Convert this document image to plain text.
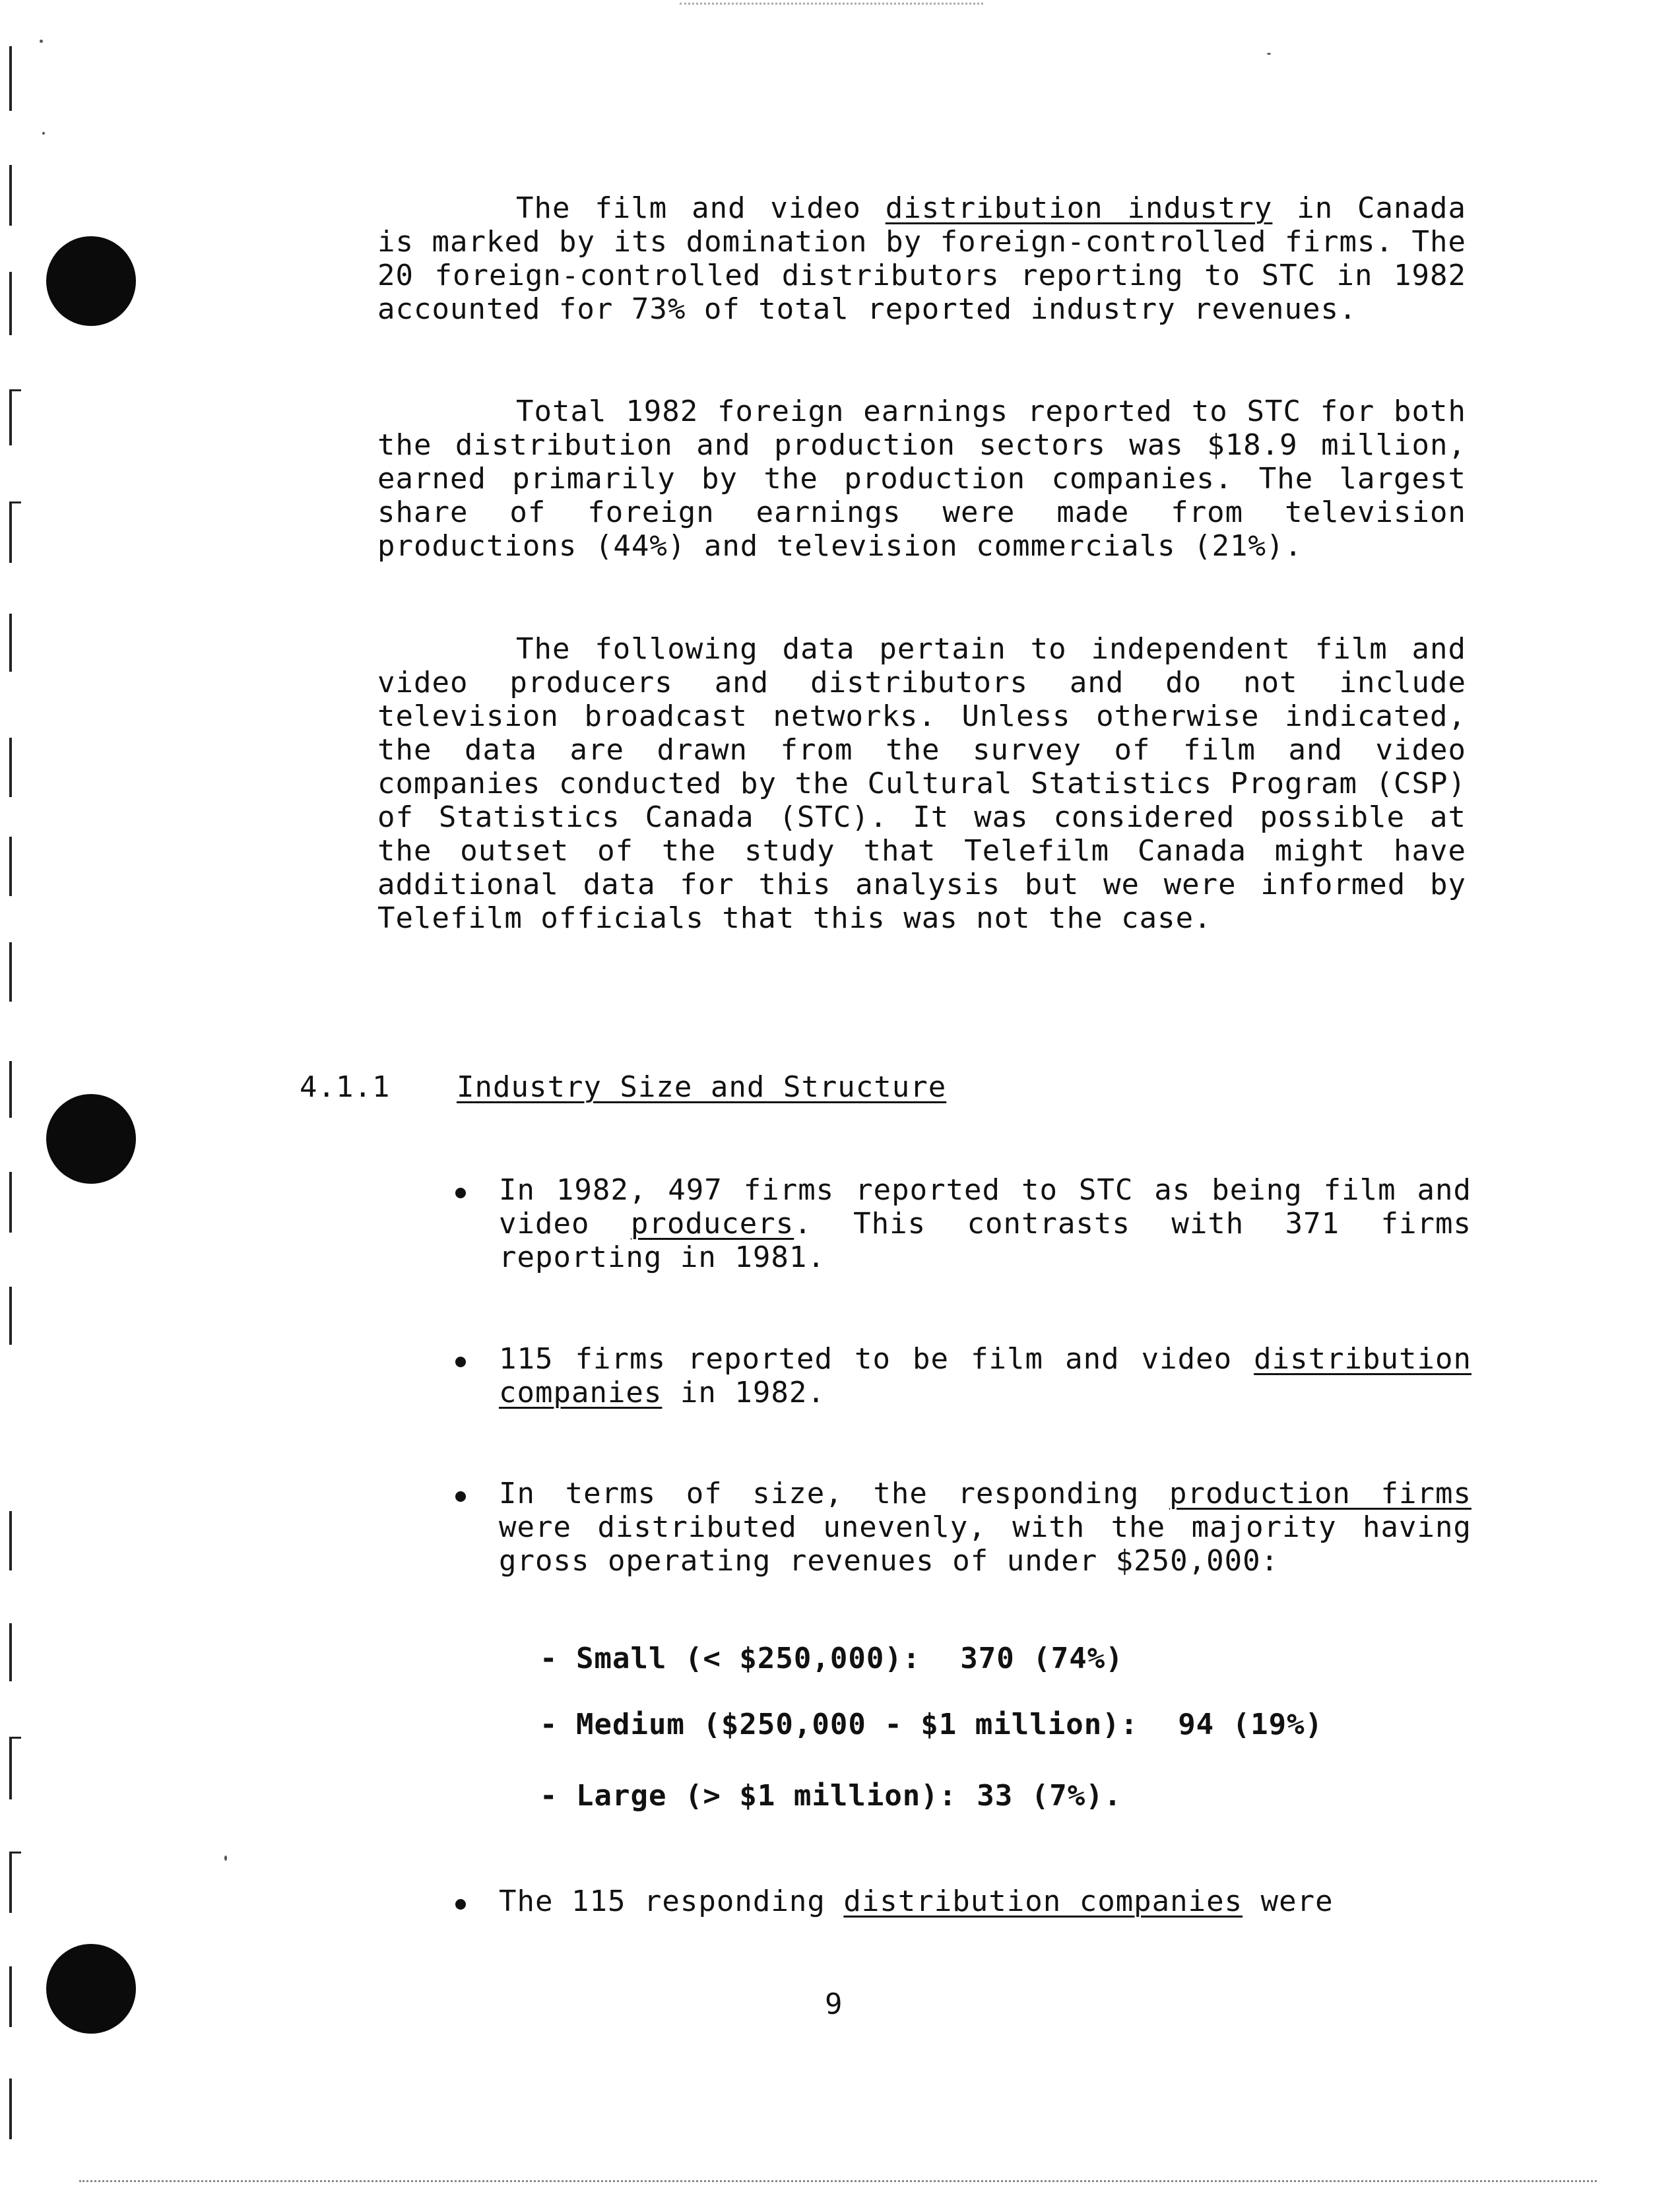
The film and video distribution industry in Canada is marked by its domination by foreign-controlled firms. The 20 foreign-controlled distributors reporting to STC in 1982 accounted for 73% of total reported industry revenues.

Total 1982 foreign earnings reported to STC for both the distribution and production sectors was $18.9 million, earned primarily by the production companies. The largest share of foreign earnings were made from television productions (44%) and television commercials (21%).

The following data pertain to independent film and video producers and distributors and do not include television broadcast networks. Unless otherwise indicated, the data are drawn from the survey of film and video companies conducted by the Cultural Statistics Program (CSP) of Statistics Canada (STC). It was considered possible at the outset of the study that Telefilm Canada might have additional data for this analysis but we were informed by Telefilm officials that this was not the case.

4.1.1 Industry Size and Structure
In 1982, 497 firms reported to STC as being film and video producers. This contrasts with 371 firms reporting in 1981.
115 firms reported to be film and video distribution companies in 1982.
In terms of size, the responding production firms were distributed unevenly, with the majority having gross operating revenues of under $250,000:
- Small (< $250,000): 370 (74%)
- Medium ($250,000 - $1 million): 94 (19%)
- Large (> $1 million): 33 (7%).
The 115 responding distribution companies were
9
